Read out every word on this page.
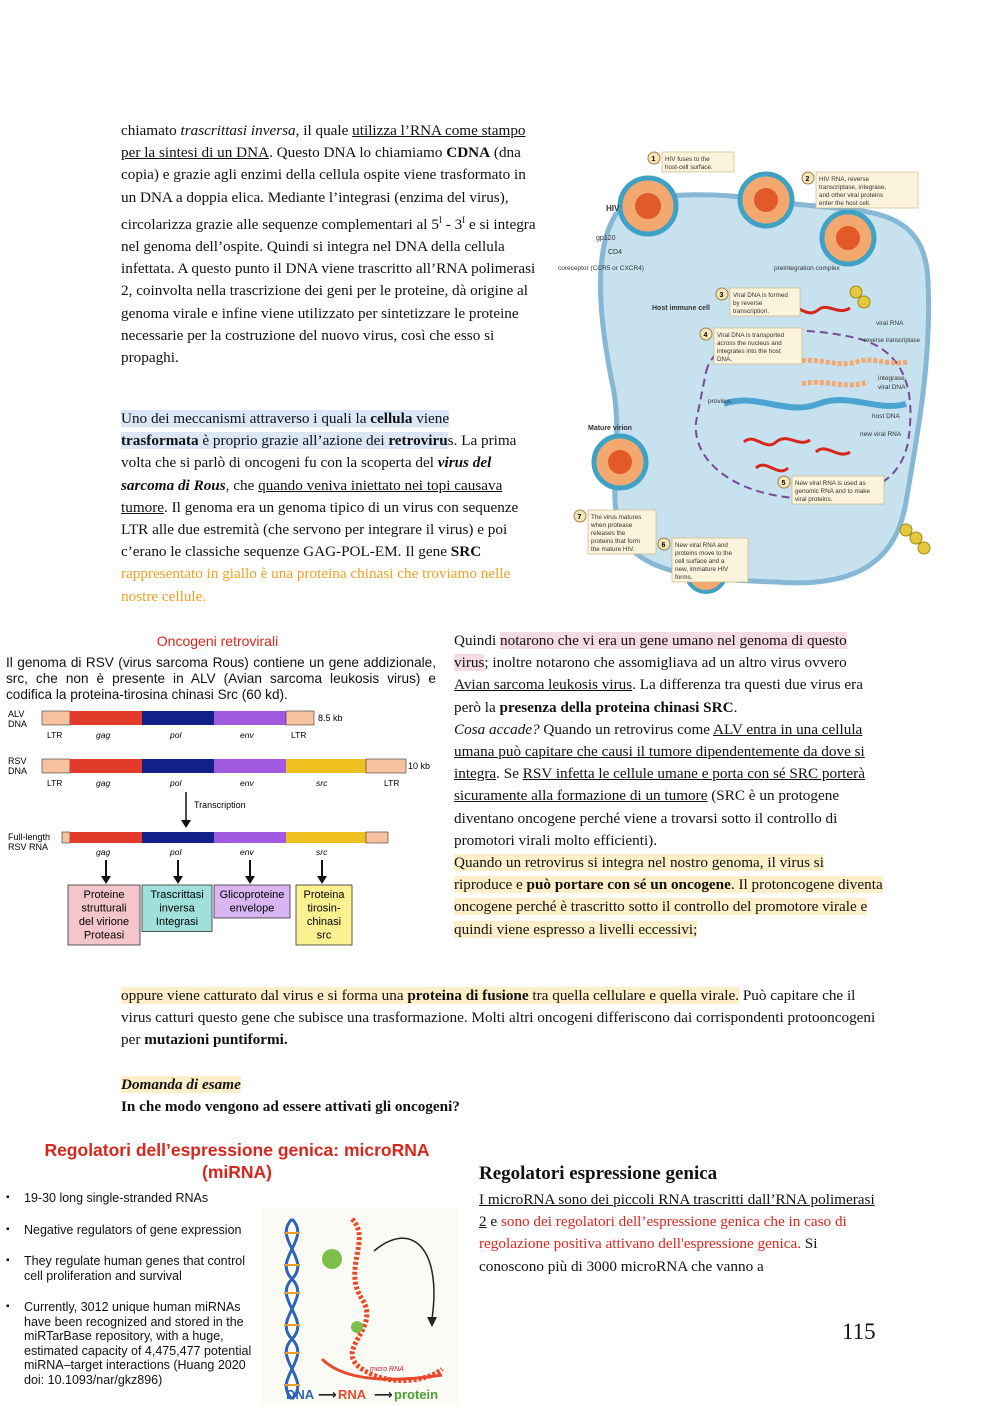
chiamato trascrittasi inversa, il quale utilizza l’RNA come stampo per la sintesi di un DNA. Questo DNA lo chiamiamo CDNA (dna copia) e grazie agli enzimi della cellula ospite viene trasformato in un DNA a doppia elica. Mediante l’integrasi (enzima del virus), circolarizza grazie alle sequenze complementari al $5^I - 3^I$ e si integra nel genoma dell’ospite. Quindi si integra nel DNA della cellula infettata. A questo punto il DNA viene trascritto all’RNA polimerasi 2, coinvolta nella trascrizione dei geni per le proteine, dà origine al genoma virale e infine viene utilizzato per sintetizzare le proteine necessarie per la costruzione del nuovo virus, così che esso si propaghi.
Uno dei meccanismi attraverso i quali la cellula viene trasformata è proprio grazie all’azione dei retrovirus. La prima volta che si parlò di oncogeni fu con la scoperta del virus del sarcoma di Rous, che quando veniva iniettato nei topi causava tumore. Il genoma era un genoma tipico di un virus con sequenze LTR alle due estremità (che servono per integrare il virus) e poi c’erano le classiche sequenze GAG-POL-EM. Il gene SRC rappresentato in giallo è una proteina chinasi che troviamo nelle nostre cellule.
HIV
gp120
CD4
coreceptor (CCR5 or CXCR4)
Host immune cell
preintegration complex
viral RNA
reverse transcriptase
integrase
viral DNA
provirus
host DNA
new viral RNA
Mature virion
1 HIV fuses to the
host-cell surface.
2 HIV RNA, reverse
transcriptase, integrase,
and other viral proteins
enter the host cell.
3 Viral DNA is formed
by reverse
transcription.
4 Viral DNA is transported
across the nucleus and
integrates into the host
DNA.
5 New viral RNA is used as
genomic RNA and to make
viral proteins.
6 New viral RNA and
proteins move to the
cell surface and a
new, immature HIV
forms.
7 The virus matures
when protease
releases the
proteins that form
the mature HIV.
Oncogeni retrovirali
Il genoma di RSV (virus sarcoma Rous) contiene un gene addizionale, src, che non è presente in ALV (Avian sarcoma leukosis virus) e codifica la proteina-tirosina chinasi Src (60 kd).
ALV
DNA
8.5 kb
LTR	gag	pol	env	LTR
RSV
DNA	10 kb
LTR	gag	pol	env	src	LTR
Transcription
Full-length
RSV RNA	gag	pol	env	src
Proteine
strutturali
del virione
Proteasi
Trascrittasi
inversa
Integrasi
Glicoproteine
envelope
Proteina
tirosin-
chinasi
src
Quindi notarono che vi era un gene umano nel genoma di questo virus; inoltre notarono che assomigliava ad un altro virus ovvero Avian sarcoma leukosis virus. La differenza tra questi due virus era però la presenza della proteina chinasi SRC.
Cosa accade? Quando un retrovirus come ALV entra in una cellula umana può capitare che causi il tumore dipendentemente da dove si integra. Se RSV infetta le cellule umane e porta con sé SRC porterà sicuramente alla formazione di un tumore (SRC è un protogene diventano oncogene perché viene a trovarsi sotto il controllo di promotori virali molto efficienti).
Quando un retrovirus si integra nel nostro genoma, il virus si riproduce e può portare con sé un oncogene. Il protoncogene diventa oncogene perché è trascritto sotto il controllo del promotore virale e quindi viene espresso a livelli eccessivi;
oppure viene catturato dal virus e si forma una proteina di fusione tra quella cellulare e quella virale. Può capitare che il virus catturi questo gene che subisce una trasformazione. Molti altri oncogeni differiscono dai corrispondenti protooncogeni per mutazioni puntiformi.
Domanda di esame
In che modo vengono ad essere attivati gli oncogeni?
Regolatori dell’espressione genica: microRNA (miRNA)
▪ 19-30 long single-stranded RNAs
▪ Negative regulators of gene expression
▪ They regulate human genes that control cell proliferation and survival
▪ Currently, 3012 unique human miRNAs have been recognized and stored in the miRTarBase repository, with a huge, estimated capacity of 4,475,477 potential miRNA–target interactions (Huang 2020 doi: 10.1093/nar/gkz896)
micro RNA
DNA ⟶ RNA ⟶ protein
Regolatori espressione genica
I microRNA sono dei piccoli RNA trascritti dall’RNA polimerasi 2 e sono dei regolatori dell’espressione genica che in caso di regolazione positiva attivano dell'espressione genica. Si conoscono più di 3000 microRNA che vanno a
115
